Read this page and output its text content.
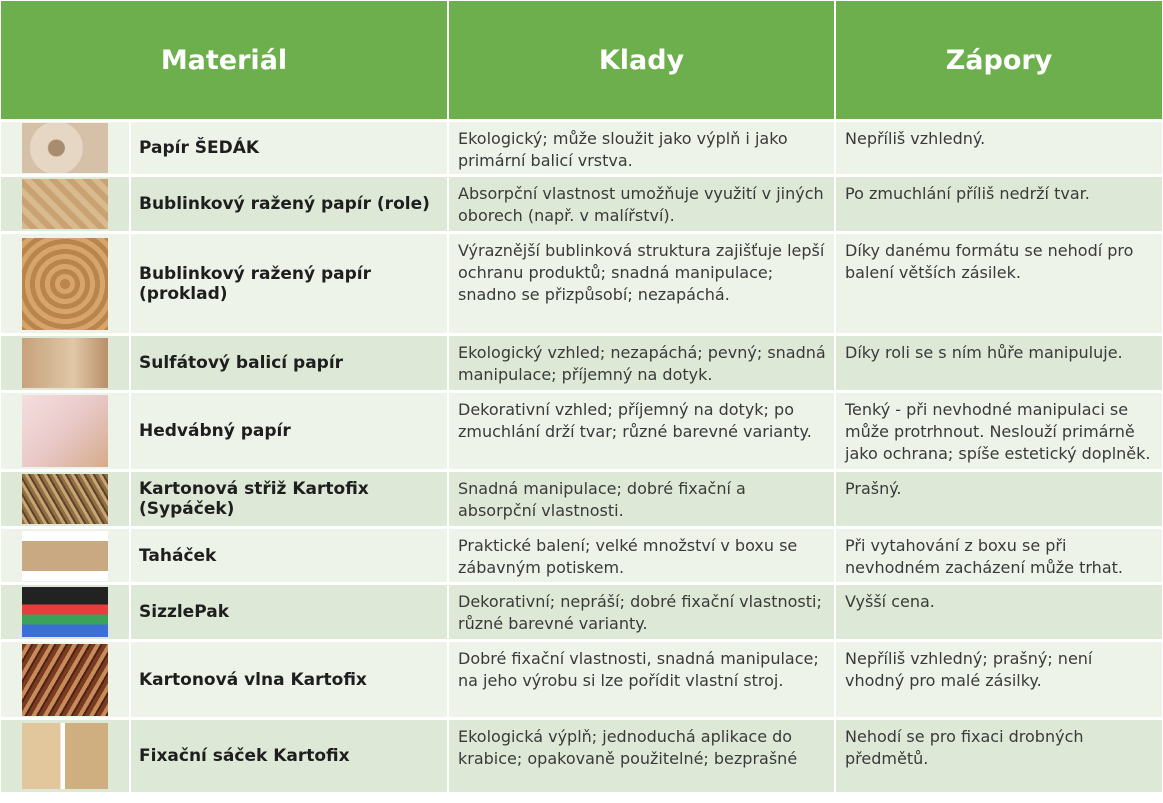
Materiál		Klady	Zápory
	Papír ŠEDÁK	Ekologický; může sloužit jako výplň i jako primární balicí vrstva.	Nepříliš vzhledný.
	Bublinkový ražený papír (role)	Absorpční vlastnost umožňuje využití v jiných oborech (např. v malířství).	Po zmuchlání příliš nedrží tvar.
	Bublinkový ražený papír (proklad)	Výraznější bublinková struktura zajišťuje lepší ochranu produktů; snadná manipulace; snadno se přizpůsobí; nezapáchá.	Díky danému formátu se nehodí pro balení větších zásilek.
	Sulfátový balicí papír	Ekologický vzhled; nezapáchá; pevný; snadná manipulace; příjemný na dotyk.	Díky roli se s ním hůře manipuluje.
	Hedvábný papír	Dekorativní vzhled; příjemný na dotyk; po zmuchlání drží tvar; různé barevné varianty.	Tenký - při nevhodné manipulaci se může protrhnout. Neslouží primárně jako ochrana; spíše estetický doplněk.
	Kartonová střiž Kartofix (Sypáček)	Snadná manipulace; dobré fixační a absorpční vlastnosti.	Prašný.
	Taháček	Praktické balení; velké množství v boxu se zábavným potiskem.	Při vytahování z boxu se při nevhodném zacházení může trhat.
	SizzlePak	Dekorativní; nepráší; dobré fixační vlastnosti; různé barevné varianty.	Vyšší cena.
	Kartonová vlna Kartofix	Dobré fixační vlastnosti, snadná manipulace; na jeho výrobu si lze pořídit vlastní stroj.	Nepříliš vzhledný; prašný; není vhodný pro malé zásilky.
	Fixační sáček Kartofix	Ekologická výplň; jednoduchá aplikace do krabice; opakovaně použitelné; bezprašné	Nehodí se pro fixaci drobných předmětů.
